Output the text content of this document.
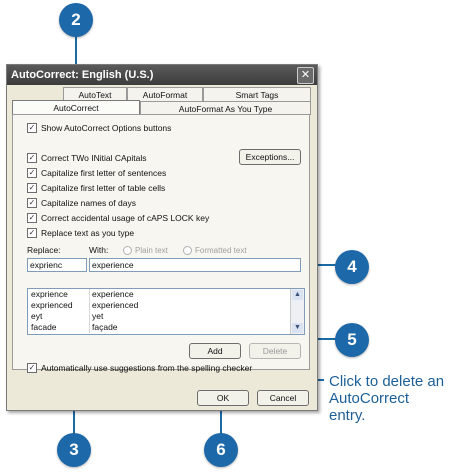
AutoCorrect: English (U.S.)	✕
AutoText	AutoFormat	Smart Tags
AutoCorrect	AutoFormat As You Type
✓ Show AutoCorrect Options buttons
Exceptions...
✓ Correct TWo INitial CApitals
✓ Capitalize first letter of sentences
✓ Capitalize first letter of table cells
✓ Capitalize names of days
✓ Correct accidental usage of cAPS LOCK key
✓ Replace text as you type
Replace:	With:	Plain text	Formatted text
exprienc	experience
exprience	experience
exprienced experienced
eyt	yet
facade	façade
▲
▼
Add	Delete
✓ Automatically use suggestions from the spelling checker
OK	Cancel
2
4
5
3	6
Click to delete an AutoCorrect entry.
